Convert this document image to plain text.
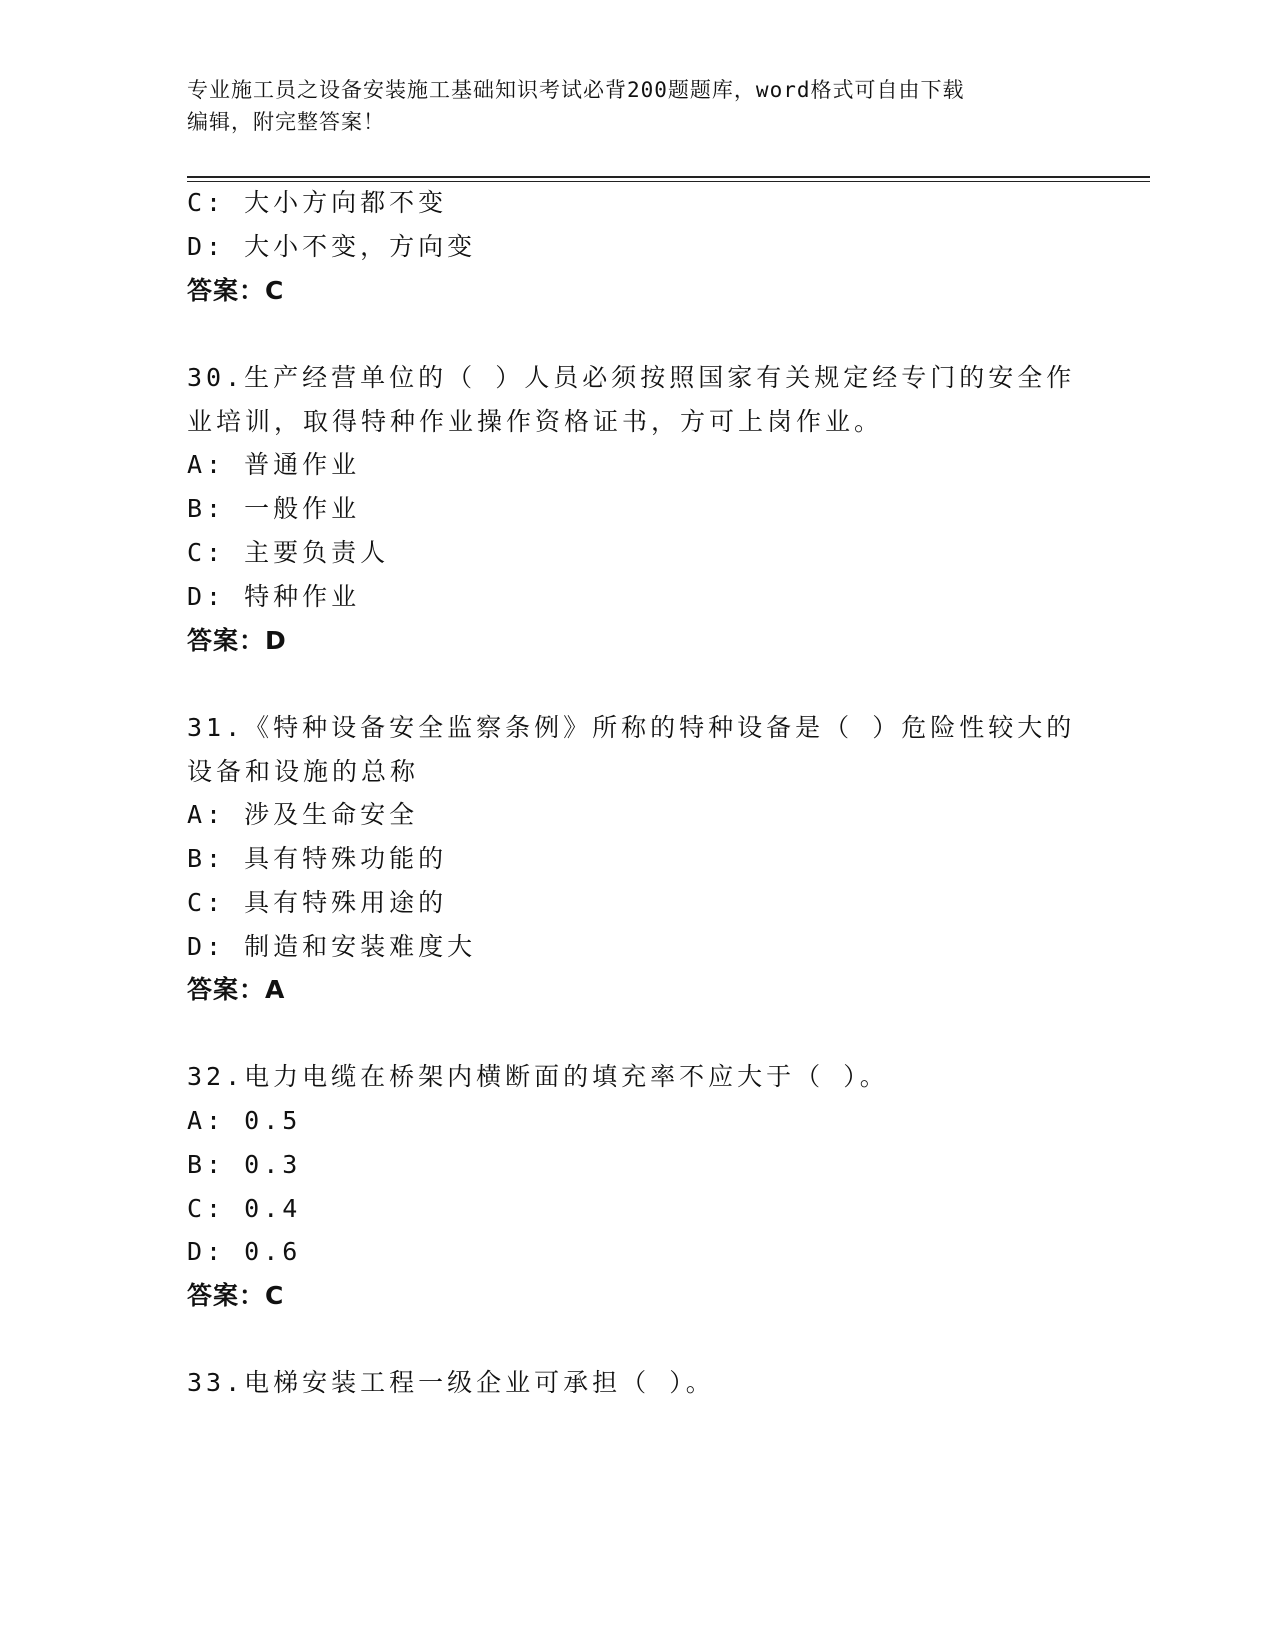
专业施工员之设备安装施工基础知识考试必背200题题库，word格式可自由下载
编辑，附完整答案！
C: 大小方向都不变
D: 大小不变，方向变
答案：C
30.生产经营单位的（ ）人员必须按照国家有关规定经专门的安全作
业培训，取得特种作业操作资格证书，方可上岗作业。
A: 普通作业
B: 一般作业
C: 主要负责人
D: 特种作业
答案：D
31.《特种设备安全监察条例》所称的特种设备是（ ）危险性较大的
设备和设施的总称
A: 涉及生命安全
B: 具有特殊功能的
C: 具有特殊用途的
D: 制造和安装难度大
答案：A
32.电力电缆在桥架内横断面的填充率不应大于（ ）。
A: 0.5
B: 0.3
C: 0.4
D: 0.6
答案：C
33.电梯安装工程一级企业可承担（ ）。
